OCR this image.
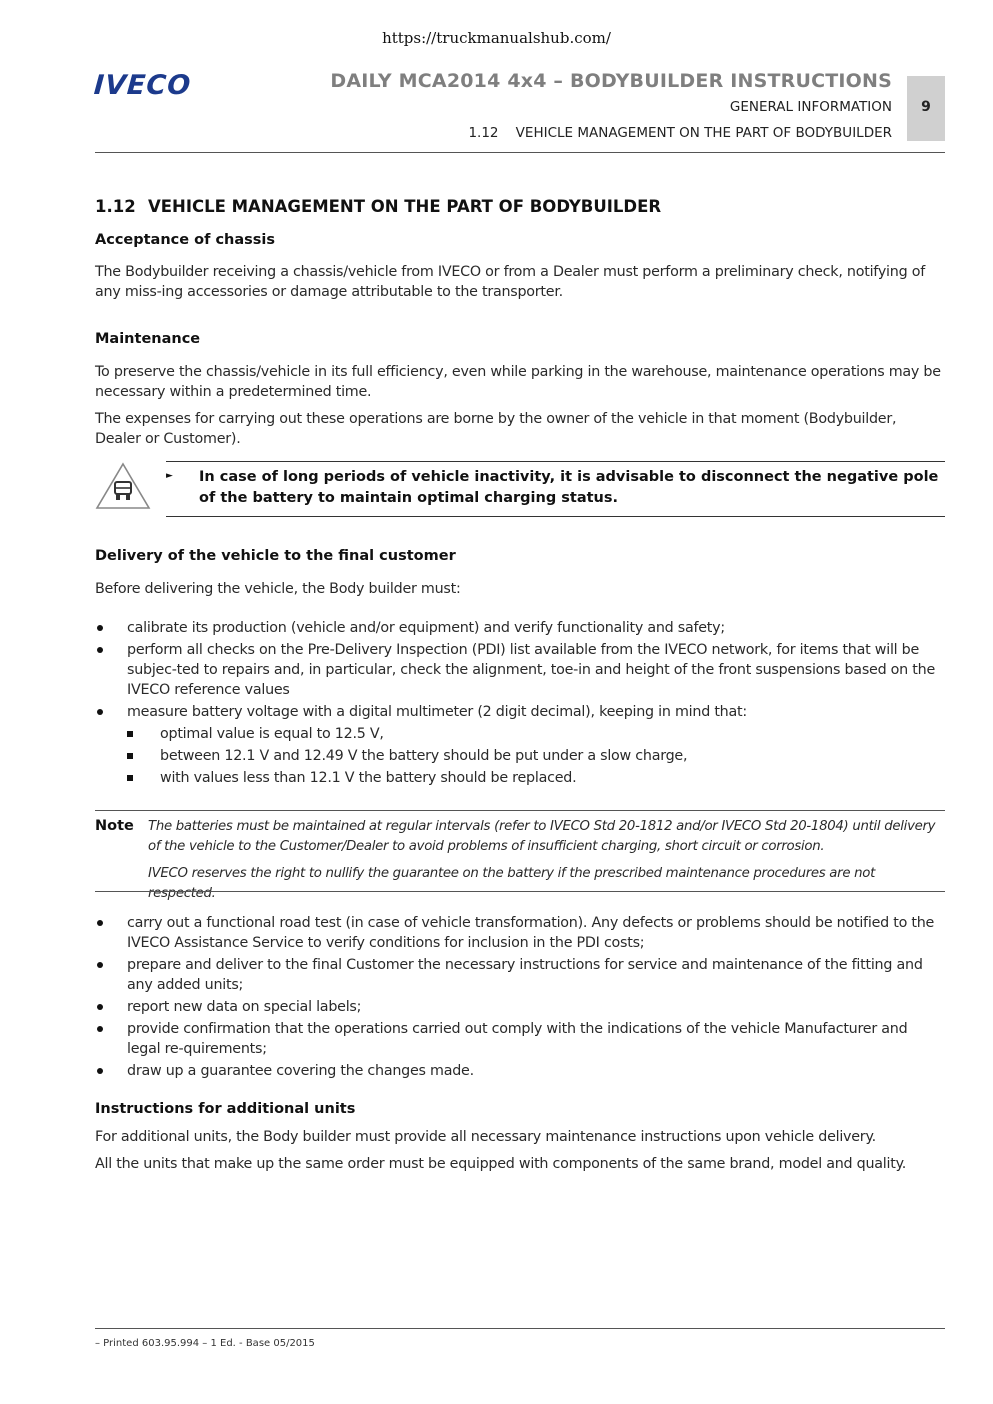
https://truckmanualshub.com/
IVECO	DAILY MCA2014 4x4 – BODYBUILDER INSTRUCTIONS
GENERAL INFORMATION
1.12    VEHICLE MANAGEMENT ON THE PART OF BODYBUILDER
9
1.12 VEHICLE MANAGEMENT ON THE PART OF BODYBUILDER
Acceptance of chassis
The Bodybuilder receiving a chassis/vehicle from IVECO or from a Dealer must perform a preliminary check, notifying of any miss-ing accessories or damage attributable to the transporter.
Maintenance
To preserve the chassis/vehicle in its full efficiency, even while parking in the warehouse, maintenance operations may be necessary within a predetermined time.
The expenses for carrying out these operations are borne by the owner of the vehicle in that moment (Bodybuilder, Dealer or Customer).
► In case of long periods of vehicle inactivity, it is advisable to disconnect the negative pole of the battery to maintain optimal charging status.
Delivery of the vehicle to the final customer
Before delivering the vehicle, the Body builder must:
calibrate its production (vehicle and/or equipment) and verify functionality and safety;
perform all checks on the Pre-Delivery Inspection (PDI) list available from the IVECO network, for items that will be subjec-ted to repairs and, in particular, check the alignment, toe-in and height of the front suspensions based on the IVECO reference values
measure battery voltage with a digital multimeter (2 digit decimal), keeping in mind that:
optimal value is equal to 12.5 V,
between 12.1 V and 12.49 V the battery should be put under a slow charge,
with values less than 12.1 V the battery should be replaced.
Note The batteries must be maintained at regular intervals (refer to IVECO Std 20-1812 and/or IVECO Std 20-1804) until delivery of the vehicle to the Customer/Dealer to avoid problems of insufficient charging, short circuit or corrosion.
IVECO reserves the right to nullify the guarantee on the battery if the prescribed maintenance procedures are not respected.
carry out a functional road test (in case of vehicle transformation). Any defects or problems should be notified to the IVECO Assistance Service to verify conditions for inclusion in the PDI costs;
prepare and deliver to the final Customer the necessary instructions for service and maintenance of the fitting and any added units;
report new data on special labels;
provide confirmation that the operations carried out comply with the indications of the vehicle Manufacturer and legal re-quirements;
draw up a guarantee covering the changes made.
Instructions for additional units
For additional units, the Body builder must provide all necessary maintenance instructions upon vehicle delivery.
All the units that make up the same order must be equipped with components of the same brand, model and quality.
– Printed 603.95.994 – 1 Ed. - Base 05/2015
